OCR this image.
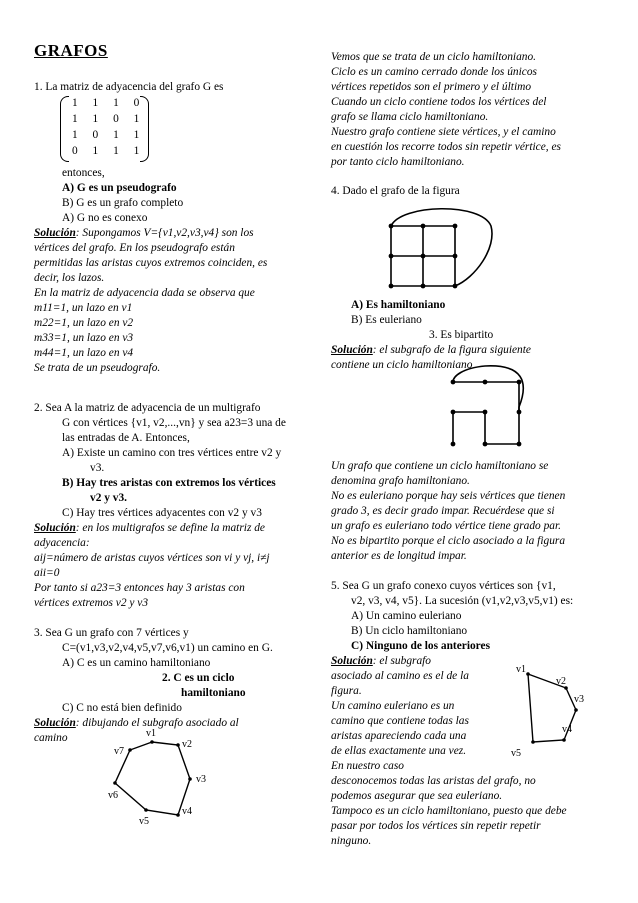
GRAFOS
1. La matriz de adyacencia del grafo G es
1 1 1 0
1 1 0 1
1 0 1 1
0 1 1 1
entonces,
A) G es un pseudografo
B) G es un grafo completo
A) G no es conexo
Solución: Supongamos V={v1,v2,v3,v4} son los
vértices del grafo. En los pseudografo están
permitidas las aristas cuyos extremos coinciden, es
decir, los lazos.
En la matriz de adyacencia dada se observa que
m11=1, un lazo en v1
m22=1, un lazo en v2
m33=1, un lazo en v3
m44=1, un lazo en v4
Se trata de un pseudografo.
2. Sea A la matriz de adyacencia de un multigrafo
G con vértices {v1, v2,...,vn} y sea a23=3 una de
las entradas de A. Entonces,
A) Existe un camino con tres vértices entre v2 y
v3.
B) Hay tres aristas con extremos los vértices
v2 y v3.
C) Hay tres vértices adyacentes con v2 y v3
Solución: en los multigrafos se define la matriz de
adyacencia:
aij=número de aristas cuyos vértices son vi y vj, i≠j
aii=0
Por tanto si a23=3 entonces hay 3 aristas con
vértices extremos v2 y v3
3. Sea G un grafo con 7 vértices y
C=(v1,v3,v2,v4,v5,v7,v6,v1) un camino en G.
A) C es un camino hamiltoniano
2. C es un ciclo
hamiltoniano
C) C no está bien definido
Solución: dibujando el subgrafo asociado al
camino	v1
v2
v3
v4
v5
v6
v7
Vemos que se trata de un ciclo hamiltoniano.
Ciclo es un camino cerrado donde los únicos
vértices repetidos son el primero y el último
Cuando un ciclo contiene todos los vértices del
grafo se llama ciclo hamiltoniano.
Nuestro grafo contiene siete vértices, y el camino
en cuestión los recorre todos sin repetir vértice, es
por tanto ciclo hamiltoniano.
4. Dado el grafo de la figura
A) Es hamiltoniano
B) Es euleriano
3. Es bipartito
Solución: el subgrafo de la figura siguiente
contiene un ciclo hamiltoniano
Un grafo que contiene un ciclo hamiltoniano se
denomina grafo hamiltoniano.
No es euleriano porque hay seis vértices que tienen
grado 3, es decir grado impar. Recuérdese que si
un grafo es euleriano todo vértice tiene grado par.
No es bipartito porque el ciclo asociado a la figura
anterior es de longitud impar.
5. Sea G un grafo conexo cuyos vértices son {v1,
v2, v3, v4, v5}. La sucesión (v1,v2,v3,v5,v1) es:
A) Un camino euleriano
B) Un ciclo hamiltoniano
C) Ninguno de los anteriores
Solución: el subgrafo
asociado al camino es el de la
figura.
Un camino euleriano es un
camino que contiene todas las
aristas apareciendo cada una
de ellas exactamente una vez.
En nuestro caso
desconocemos todas las aristas del grafo, no
podemos asegurar que sea euleriano.
Tampoco es un ciclo hamiltoniano, puesto que debe
pasar por todos los vértices sin repetir repetir
ninguno.
v1
v2
v3
v4
v5
